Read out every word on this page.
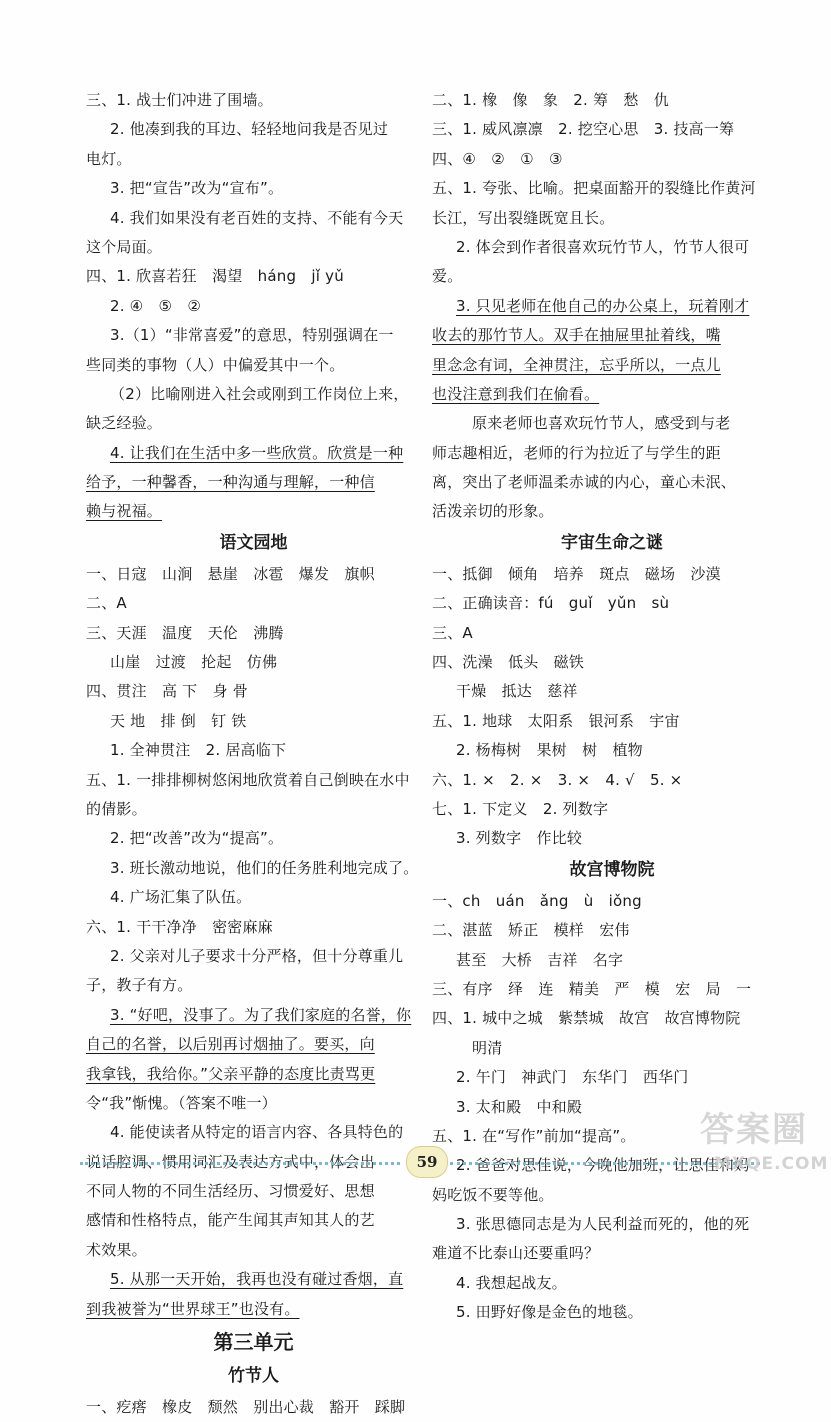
三、1. 战士们冲进了围墙。
2. 他凑到我的耳边、轻轻地问我是否见过
电灯。
3. 把“宣告”改为“宣布”。
4. 我们如果没有老百姓的支持、不能有今天
这个局面。
四、1. 欣喜若狂　渴望　háng　jǐ yǔ
2. ④　⑤　②
3.（1）“非常喜爱”的意思，特别强调在一
些同类的事物（人）中偏爱其中一个。
（2）比喻刚进入社会或刚到工作岗位上来，
缺乏经验。
4. 让我们在生活中多一些欣赏。欣赏是一种
给予，一种馨香，一种沟通与理解，一种信
赖与祝福。
语文园地
一、日寇　山涧　悬崖　冰雹　爆发　旗帜
二、A
三、天涯　温度　天伦　沸腾
山崖　过渡　抡起　仿佛
四、贯注　高 下　身 骨
天 地　排 倒　钉 铁
1. 全神贯注　2. 居高临下
五、1. 一排排柳树悠闲地欣赏着自己倒映在水中
的倩影。
2. 把“改善”改为“提高”。
3. 班长激动地说，他们的任务胜利地完成了。
4. 广场汇集了队伍。
六、1. 干干净净　密密麻麻
2. 父亲对儿子要求十分严格，但十分尊重儿
子，教子有方。
3. “好吧，没事了。为了我们家庭的名誉，你
自己的名誉，以后别再讨烟抽了。要买，向
我拿钱，我给你。”父亲平静的态度比责骂更
令“我”惭愧。（答案不唯一）
4. 能使读者从特定的语言内容、各具特色的
说话腔调、惯用词汇及表达方式中，体会出
不同人物的不同生活经历、习惯爱好、思想
感情和性格特点，能产生闻其声知其人的艺
术效果。
5. 从那一天开始，我再也没有碰过香烟，直
到我被誉为“世界球王”也没有。
第三单元
竹节人
一、疙瘩　橡皮　颓然　别出心裁　豁开　踩脚
二、1. 橡　像　象　2. 筹　愁　仇
三、1. 威风凛凛　2. 挖空心思　3. 技高一筹
四、④　②　①　③
五、1. 夸张、比喻。把桌面豁开的裂缝比作黄河
长江，写出裂缝既宽且长。
2. 体会到作者很喜欢玩竹节人，竹节人很可
爱。
3. 只见老师在他自己的办公桌上，玩着刚才
收去的那竹节人。双手在抽屉里扯着线，嘴
里念念有词，全神贯注，忘乎所以，一点儿
也没注意到我们在偷看。
原来老师也喜欢玩竹节人，感受到与老
师志趣相近，老师的行为拉近了与学生的距
离，突出了老师温柔赤诚的内心，童心未泯、
活泼亲切的形象。
宇宙生命之谜
一、抵御　倾角　培养　斑点　磁场　沙漠
二、正确读音：fú　guǐ　yǔn　sù
三、A
四、洗澡　低头　磁铁
干燥　抵达　慈祥
五、1. 地球　太阳系　银河系　宇宙
2. 杨梅树　果树　树　植物
六、1. ×　2. ×　3. ×　4. √　5. ×
七、1. 下定义　2. 列数字
3. 列数字　作比较
故宫博物院
一、ch　uán　ǎng　ù　iǒng
二、湛蓝　矫正　模样　宏伟
甚至　大桥　吉祥　名字
三、有序　绎　连　精美　严　模　宏　局　一
四、1. 城中之城　紫禁城　故宫　故宫博物院
明清
2. 午门　神武门　东华门　西华门
3. 太和殿　中和殿
五、1. 在“写作”前加“提高”。
2. 爸爸对思佳说，今晚他加班，让思佳和妈
妈吃饭不要等他。
3. 张思德同志是为人民利益而死的，他的死
难道不比泰山还要重吗？
4. 我想起战友。
5. 田野好像是金色的地毯。
59
答案圈
MXQE.COM
